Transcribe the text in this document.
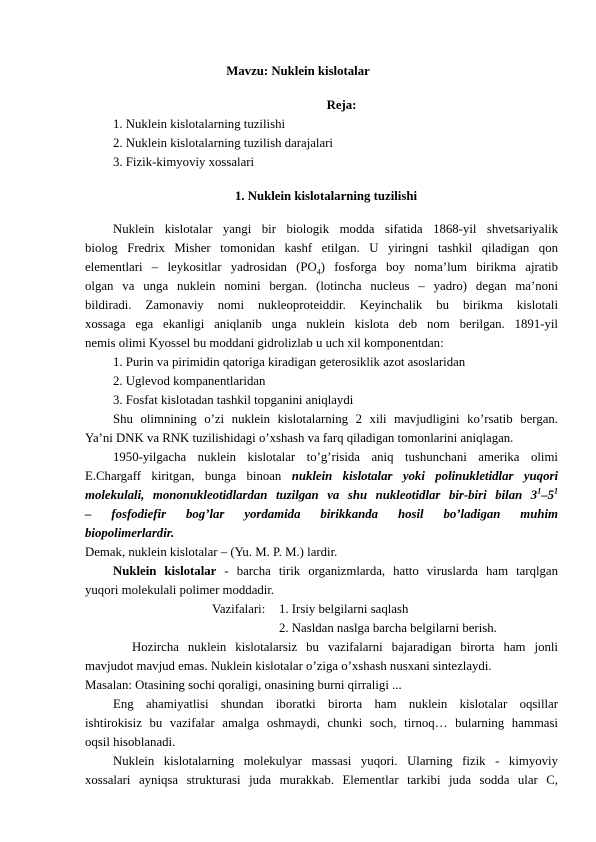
Mavzu: Nuklein kislotalar
Reja:
1. Nuklein kislotalarning tuzilishi
2. Nuklein kislotalarning tuzilish darajalari
3. Fizik-kimyoviy xossalari
1. Nuklein kislotalarning tuzilishi
Nuklein kislotalar yangi bir biologik modda sifatida 1868-yil shvetsariyalik
biolog Fredrix Misher tomonidan kashf etilgan. U yiringni tashkil qiladigan qon
elementlari – leykositlar yadrosidan $(PO_4)$ fosforga boy noma’lum birikma ajratib
olgan va unga nuklein nomini bergan. (lotincha nucleus – yadro) degan ma’noni
bildiradi. Zamonaviy nomi nukleoproteiddir. Keyinchalik bu birikma kislotali
xossaga ega ekanligi aniqlanib unga nuklein kislota deb nom berilgan. 1891-yil
nemis olimi Kyossel bu moddani gidrolizlab u uch xil komponentdan:
1. Purin va pirimidin qatoriga kiradigan geterosiklik azot asoslaridan
2. Uglevod kompanentlaridan
3. Fosfat kislotadan tashkil topganini aniqlaydi
Shu olimnining o’zi nuklein kislotalarning 2 xili mavjudligini ko’rsatib bergan.
Ya’ni DNK va RNK tuzilishidagi o’xshash va farq qiladigan tomonlarini aniqlagan.
1950-yilgacha nuklein kislotalar to’g’risida aniq tushunchani amerika olimi
E.Chargaff kiritgan, bunga binoan nuklein kislotalar yoki polinukletidlar yuqori
molekulali, mononukleotidlardan tuzilgan va shu nukleotidlar bir-biri bilan $3^1-5^1$
– fosfodiefir bog’lar yordamida birikkanda hosil bo’ladigan muhim
biopolimerlardir.
Demak, nuklein kislotalar – (Yu. M. P. M.) lardir.
Nuklein kislotalar - barcha tirik organizmlarda, hatto viruslarda ham tarqlgan
yuqori molekulali polimer moddadir.
Vazifalari: 1. Irsiy belgilarni saqlash
2. Nasldan naslga barcha belgilarni berish.
Hozircha nuklein kislotalarsiz bu vazifalarni bajaradigan birorta ham jonli
mavjudot mavjud emas. Nuklein kislotalar o’ziga o’xshash nusxani sintezlaydi.
Masalan: Otasining sochi qoraligi, onasining burni qirraligi ...
Eng ahamiyatlisi shundan iboratki birorta ham nuklein kislotalar oqsillar
ishtirokisiz bu vazifalar amalga oshmaydi, chunki soch, tirnoq… bularning hammasi
oqsil hisoblanadi.
Nuklein kislotalarning molekulyar massasi yuqori. Ularning fizik - kimyoviy
xossalari ayniqsa strukturasi juda murakkab. Elementlar tarkibi juda sodda ular C,
